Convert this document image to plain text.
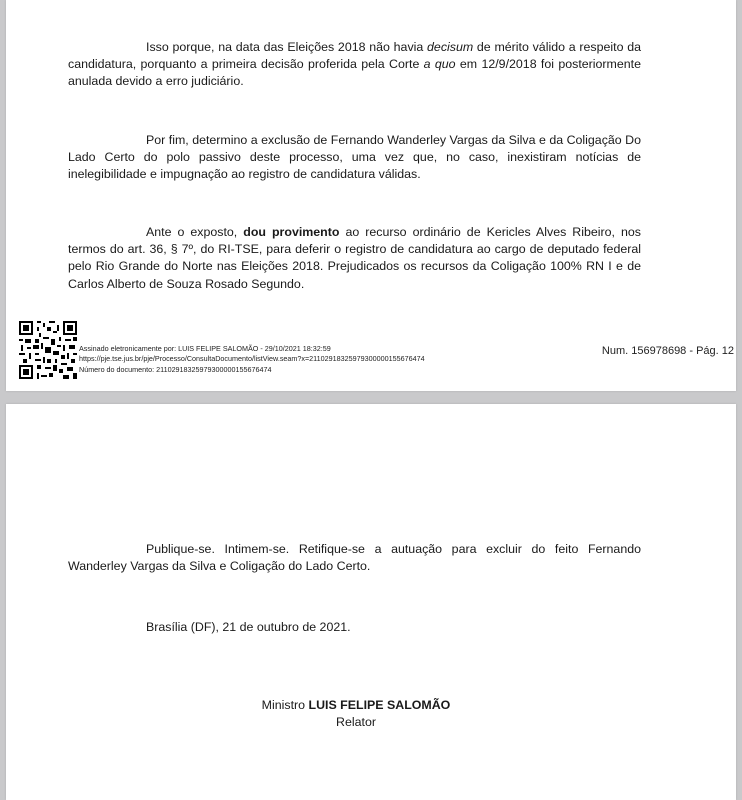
Isso porque, na data das Eleições 2018 não havia decisum de mérito válido a respeito da candidatura, porquanto a primeira decisão proferida pela Corte a quo em 12/9/2018 foi posteriormente anulada devido a erro judiciário.

Por fim, determino a exclusão de Fernando Wanderley Vargas da Silva e da Coligação Do Lado Certo do polo passivo deste processo, uma vez que, no caso, inexistiram notícias de inelegibilidade e impugnação ao registro de candidatura válidas.

Ante o exposto, dou provimento ao recurso ordinário de Kericles Alves Ribeiro, nos termos do art. 36, § 7º, do RI-TSE, para deferir o registro de candidatura ao cargo de deputado federal pelo Rio Grande do Norte nas Eleições 2018. Prejudicados os recursos da Coligação 100% RN I e de Carlos Alberto de Souza Rosado Segundo.

Assinado eletronicamente por: LUIS FELIPE SALOMÃO - 29/10/2021 18:32:59
https://pje.tse.jus.br/pje/Processo/ConsultaDocumento/listView.seam?x=21102918325979300000155676474
Número do documento: 21102918325979300000155676474
Num. 156978698 - Pág. 12

Publique-se. Intimem-se. Retifique-se a autuação para excluir do feito Fernando Wanderley Vargas da Silva e Coligação do Lado Certo.

Brasília (DF), 21 de outubro de 2021.

Ministro LUIS FELIPE SALOMÃO
Relator
